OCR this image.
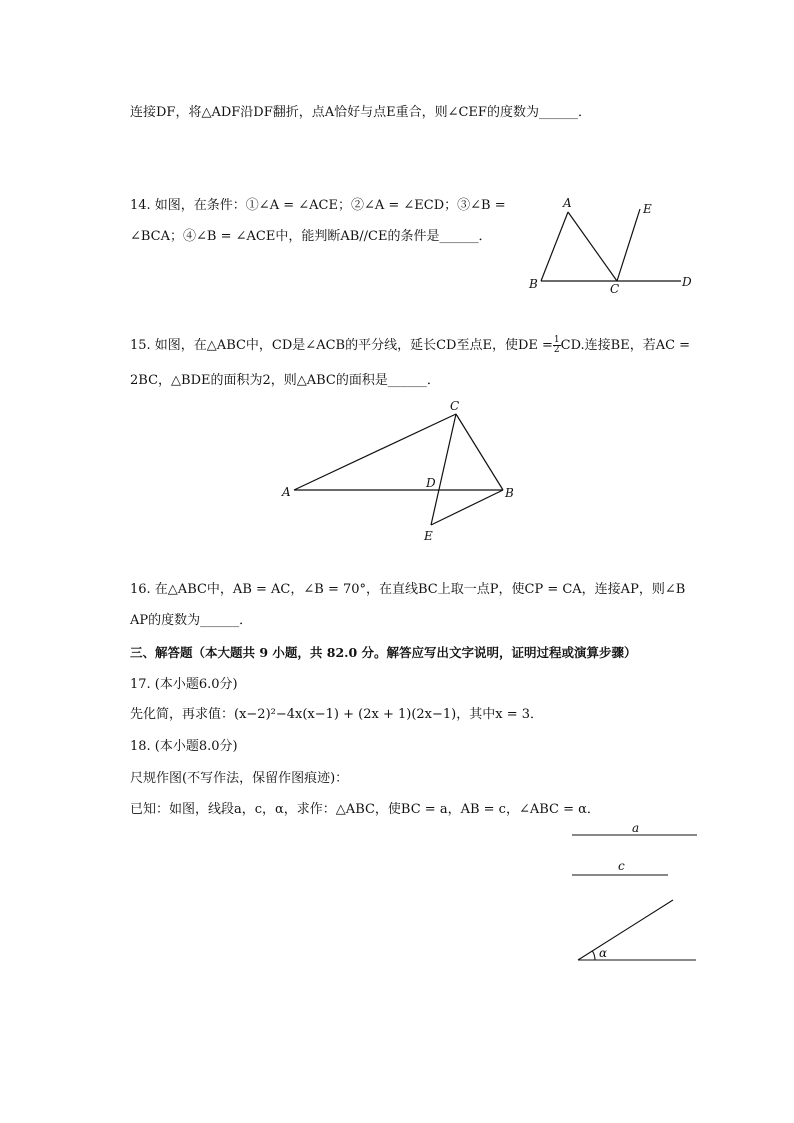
连接DF，将△ADF沿DF翻折，点A恰好与点E重合，则∠CEF的度数为______．
14. 如图，在条件：①∠A = ∠ACE；②∠A = ∠ECD；③∠B =
∠BCA；④∠B = ∠ACE中，能判断AB//CE的条件是______．
A	E
B	C	D
15. 如图，在△ABC中，CD是∠ACB的平分线，延长CD至点E，使DE = $\frac{1}{2}$ CD.连接BE，若AC =
2BC，△BDE的面积为2，则△ABC的面积是______．
C
A
D
B
E
16. 在△ABC中，AB = AC，∠B = 70°，在直线BC上取一点P，使CP = CA，连接AP，则∠B
AP的度数为______．
三、解答题（本大题共 9 小题，共 82.0 分。解答应写出文字说明，证明过程或演算步骤）
17. (本小题6.0分)
先化简，再求值：(x−2)²−4x(x−1) + (2x + 1)(2x−1)，其中x = 3．
18. (本小题8.0分)
尺规作图(不写作法，保留作图痕迹)：
已知：如图，线段a，c，α，求作：△ABC，使BC = a，AB = c，∠ABC = α．
a
c
α
